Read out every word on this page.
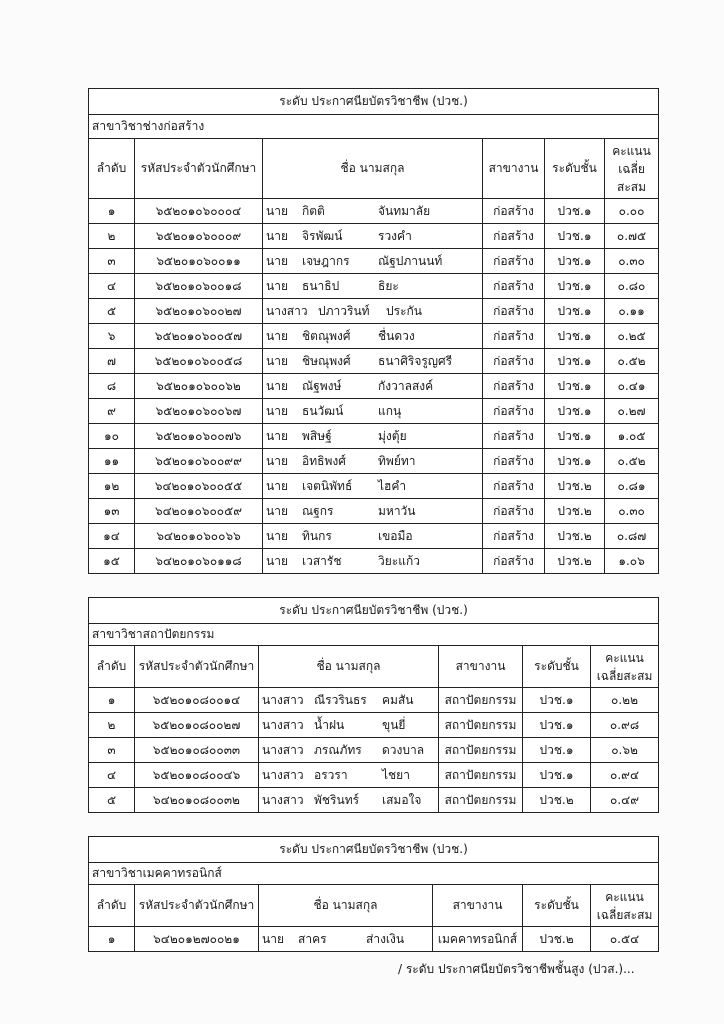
ระดับ ประกาศนียบัตรวิชาชีพ (ปวช.)					
สาขาวิชาช่างก่อสร้าง					
ลำดับ	รหัสประจำตัวนักศึกษา	ชื่อ นามสกุล	สาขางาน	ระดับชั้น	คะแนนเฉลี่ยสะสม
๑	๖๕๒๐๑๐๖๐๐๐๔	นาย กิตติ จันทมาลัย	ก่อสร้าง	ปวช.๑	๐.๐๐
๒	๖๕๒๐๑๐๖๐๐๐๙	นาย จิรพัฒน์ รวงคำ	ก่อสร้าง	ปวช.๑	๐.๗๕
๓	๖๕๒๐๑๐๖๐๐๑๑	นาย เจษฎากร ณัฐปภานนท์	ก่อสร้าง	ปวช.๑	๐.๓๐
๔	๖๕๒๐๑๐๖๐๐๑๘	นาย ธนาธิป ธิยะ	ก่อสร้าง	ปวช.๑	๐.๘๐
๕	๖๕๒๐๑๐๖๐๐๒๗	นางสาว ปภาวรินท์ ประกัน	ก่อสร้าง	ปวช.๑	๐.๑๑
๖	๖๕๒๐๑๐๖๐๐๕๗	นาย ชิตณุพงศ์ ชื่นดวง	ก่อสร้าง	ปวช.๑	๐.๒๕
๗	๖๕๒๐๑๐๖๐๐๕๘	นาย ชิษณุพงศ์ ธนาศิริจรูญศรี	ก่อสร้าง	ปวช.๑	๐.๕๒
๘	๖๕๒๐๑๐๖๐๐๖๒	นาย ณัฐพงษ์ กังวาลสงค์	ก่อสร้าง	ปวช.๑	๐.๔๑
๙	๖๕๒๐๑๐๖๐๐๖๗	นาย ธนวัฒน์ แกนุ	ก่อสร้าง	ปวช.๑	๐.๒๗
๑๐	๖๕๒๐๑๐๖๐๐๗๖	นาย พสิษฐ์ มุ่งตุ้ย	ก่อสร้าง	ปวช.๑	๑.๐๕
๑๑	๖๕๒๐๑๐๖๐๐๙๙	นาย อิทธิพงศ์ ทิพย์ทา	ก่อสร้าง	ปวช.๑	๐.๕๒
๑๒	๖๔๒๐๑๐๖๐๐๕๕	นาย เจตนิพัทธ์ ไฮคำ	ก่อสร้าง	ปวช.๒	๐.๘๑
๑๓	๖๔๒๐๑๐๖๐๐๕๙	นาย ณฐกร มหาวัน	ก่อสร้าง	ปวช.๒	๐.๓๐
๑๔	๖๔๒๐๑๐๖๐๐๖๖	นาย ทินกร เขอมือ	ก่อสร้าง	ปวช.๒	๐.๘๗
๑๕	๖๔๒๐๑๐๖๐๑๑๘	นาย เวสารัช วิยะแก้ว	ก่อสร้าง	ปวช.๒	๑.๐๖
ระดับ ประกาศนียบัตรวิชาชีพ (ปวช.)					
สาขาวิชาสถาปัตยกรรม					
ลำดับ	รหัสประจำตัวนักศึกษา	ชื่อ นามสกุล	สาขางาน	ระดับชั้น	คะแนนเฉลี่ยสะสม
๑	๖๕๒๐๑๐๘๐๐๑๔	นางสาว ณีรวรินธร คมสัน	สถาปัตยกรรม	ปวช.๑	๐.๒๒
๒	๖๕๒๐๑๐๘๐๐๒๗	นางสาว น้ำฝน ขุนยี่	สถาปัตยกรรม	ปวช.๑	๐.๙๘
๓	๖๕๒๐๑๐๘๐๐๓๓	นางสาว ภรณภัทร ดวงบาล	สถาปัตยกรรม	ปวช.๑	๐.๖๒
๔	๖๕๒๐๑๐๘๐๐๔๖	นางสาว อรวรา ไชยา	สถาปัตยกรรม	ปวช.๑	๐.๙๔
๕	๖๔๒๐๑๐๘๐๐๓๒	นางสาว พัชรินทร์ เสมอใจ	สถาปัตยกรรม	ปวช.๒	๐.๔๙
ระดับ ประกาศนียบัตรวิชาชีพ (ปวช.)					
สาขาวิชาเมคคาทรอนิกส์					
ลำดับ	รหัสประจำตัวนักศึกษา	ชื่อ นามสกุล	สาขางาน	ระดับชั้น	คะแนนเฉลี่ยสะสม
๑	๖๔๒๐๑๒๗๐๐๒๑	นาย สาคร ส่างเงิน	เมคคาทรอนิกส์	ปวช.๒	๐.๕๔
/ ระดับ ประกาศนียบัตรวิชาชีพชั้นสูง (ปวส.)...
